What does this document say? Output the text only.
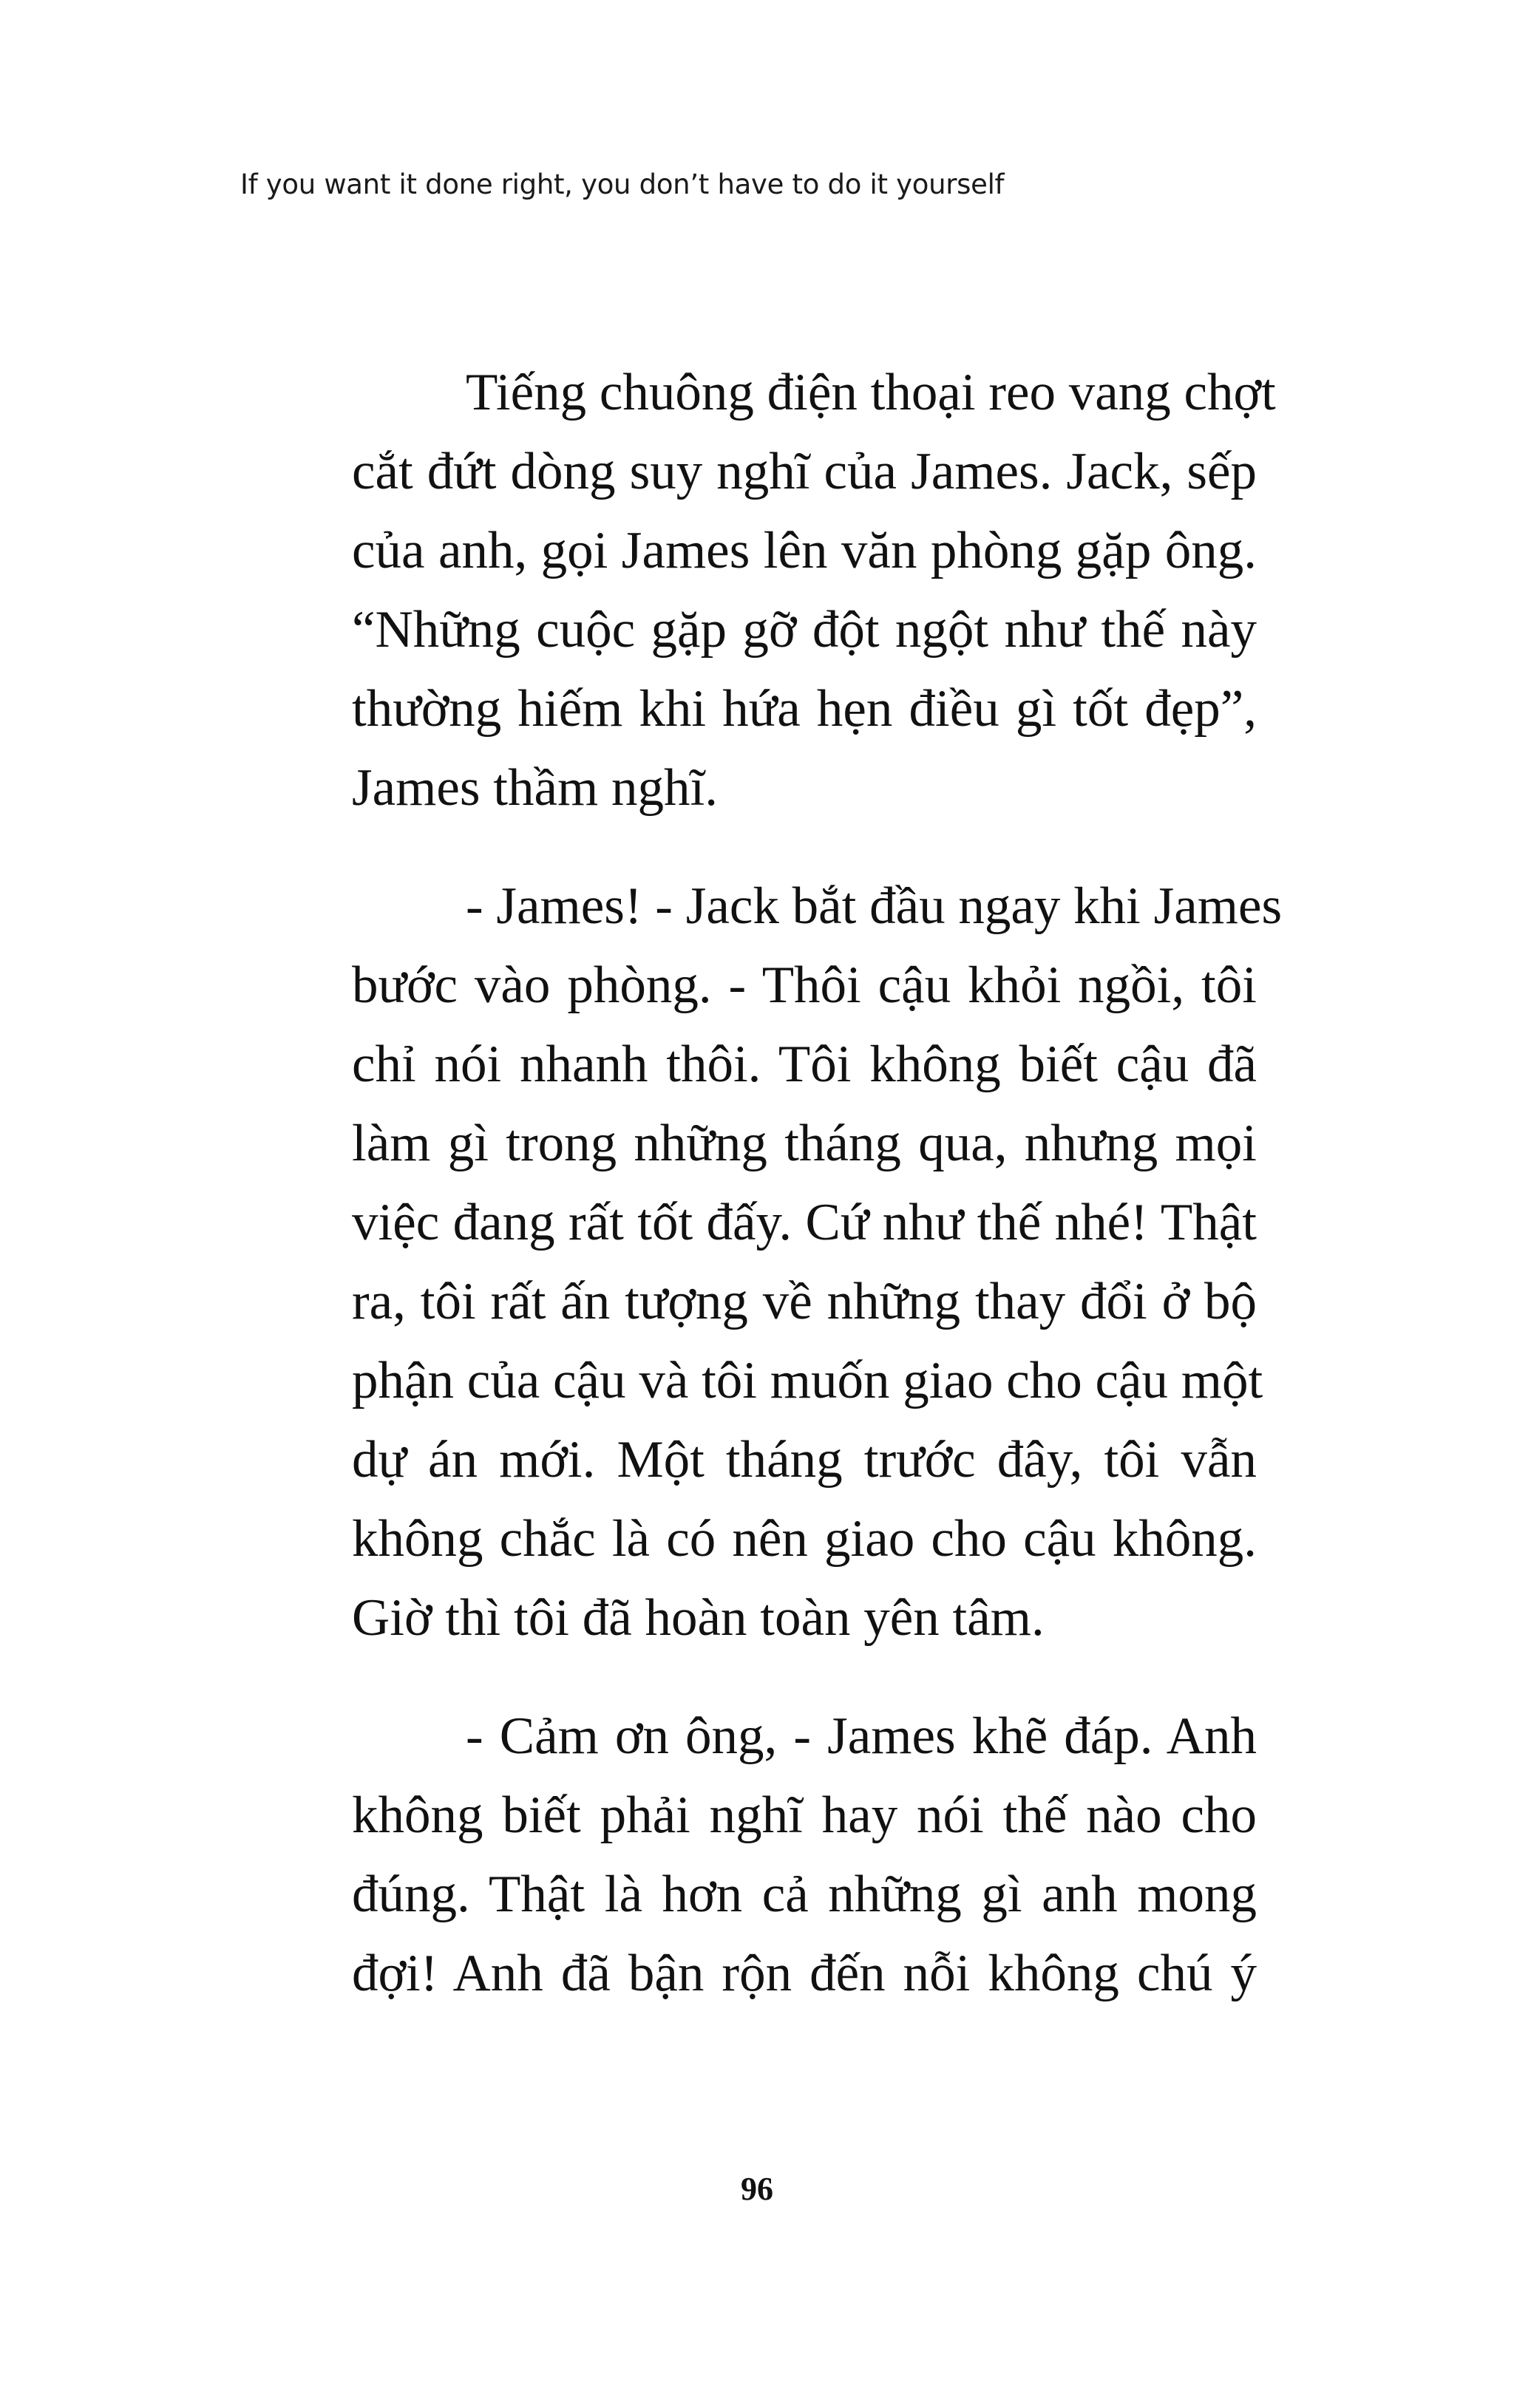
If you want it done right, you don’t have to do it yourself
Tiếng chuông điện thoại reo vang chợt
cắt đứt dòng suy nghĩ của James. Jack, sếp
của anh, gọi James lên văn phòng gặp ông.
“Những cuộc gặp gỡ đột ngột như thế này
thường hiếm khi hứa hẹn điều gì tốt đẹp”,
James thầm nghĩ.
- James! - Jack bắt đầu ngay khi James
bước vào phòng. - Thôi cậu khỏi ngồi, tôi
chỉ nói nhanh thôi. Tôi không biết cậu đã
làm gì trong những tháng qua, nhưng mọi
việc đang rất tốt đấy. Cứ như thế nhé! Thật
ra, tôi rất ấn tượng về những thay đổi ở bộ
phận của cậu và tôi muốn giao cho cậu một
dự án mới. Một tháng trước đây, tôi vẫn
không chắc là có nên giao cho cậu không.
Giờ thì tôi đã hoàn toàn yên tâm.
- Cảm ơn ông, - James khẽ đáp. Anh
không biết phải nghĩ hay nói thế nào cho
đúng. Thật là hơn cả những gì anh mong
đợi! Anh đã bận rộn đến nỗi không chú ý
96
